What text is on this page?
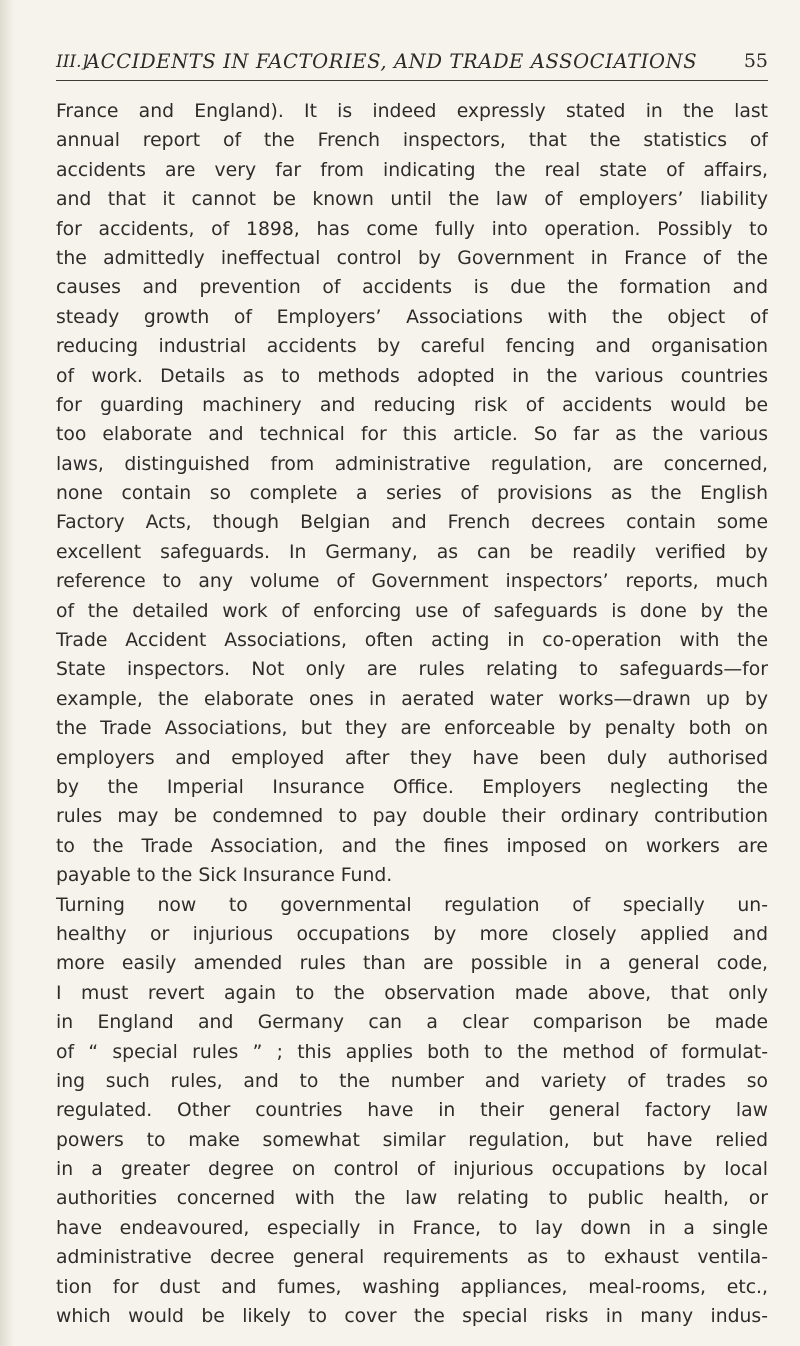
III.]
ACCIDENTS IN FACTORIES, AND TRADE ASSOCIATIONS 55
France and England). It is indeed expressly stated in the last
annual report of the French inspectors, that the statistics of
accidents are very far from indicating the real state of affairs,
and that it cannot be known until the law of employers’ liability
for accidents, of 1898, has come fully into operation. Possibly to
the admittedly ineffectual control by Government in France of the
causes and prevention of accidents is due the formation and
steady growth of Employers’ Associations with the object of
reducing industrial accidents by careful fencing and organisation
of work. Details as to methods adopted in the various countries
for guarding machinery and reducing risk of accidents would be
too elaborate and technical for this article. So far as the various
laws, distinguished from administrative regulation, are concerned,
none contain so complete a series of provisions as the English
Factory Acts, though Belgian and French decrees contain some
excellent safeguards. In Germany, as can be readily verified by
reference to any volume of Government inspectors’ reports, much
of the detailed work of enforcing use of safeguards is done by the
Trade Accident Associations, often acting in co-operation with the
State inspectors. Not only are rules relating to safeguards—for
example, the elaborate ones in aerated water works—drawn up by
the Trade Associations, but they are enforceable by penalty both on
employers and employed after they have been duly authorised
by the Imperial Insurance Office. Employers neglecting the
rules may be condemned to pay double their ordinary contribution
to the Trade Association, and the fines imposed on workers are
payable to the Sick Insurance Fund.
Turning now to governmental regulation of specially un-
healthy or injurious occupations by more closely applied and
more easily amended rules than are possible in a general code,
I must revert again to the observation made above, that only
in England and Germany can a clear comparison be made
of “ special rules ” ; this applies both to the method of formulat-
ing such rules, and to the number and variety of trades so
regulated. Other countries have in their general factory law
powers to make somewhat similar regulation, but have relied
in a greater degree on control of injurious occupations by local
authorities concerned with the law relating to public health, or
have endeavoured, especially in France, to lay down in a single
administrative decree general requirements as to exhaust ventila-
tion for dust and fumes, washing appliances, meal-rooms, etc.,
which would be likely to cover the special risks in many indus-
